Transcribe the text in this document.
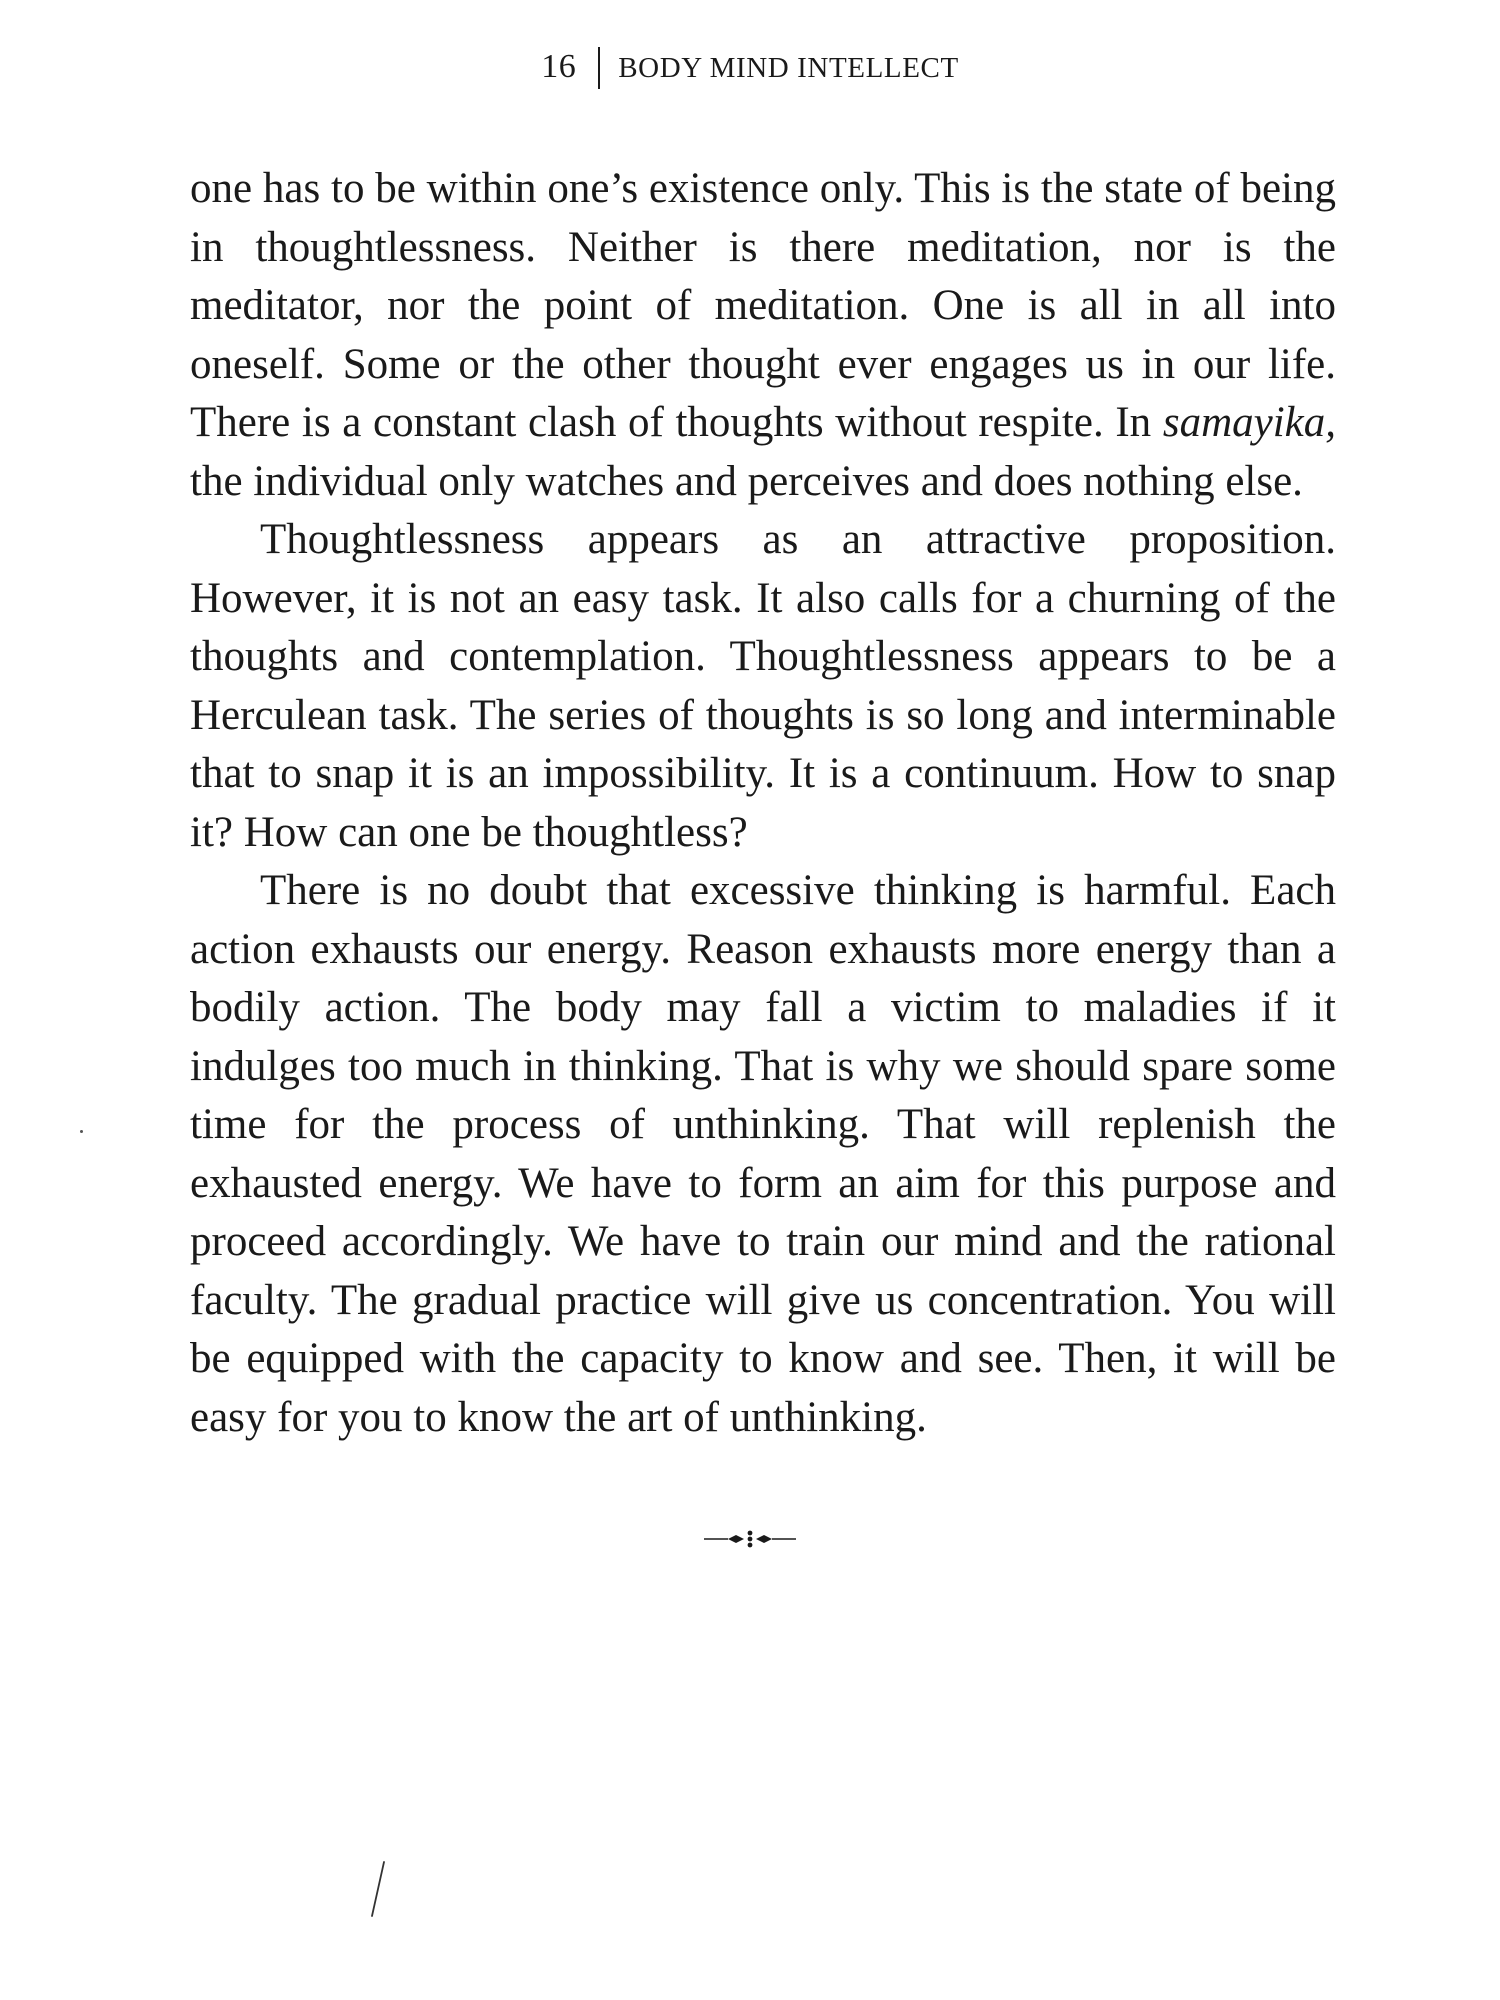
16 BODY MIND INTELLECT

one has to be within one’s existence only. This is the state of being in thoughtlessness. Neither is there meditation, nor is the meditator, nor the point of meditation. One is all in all into oneself. Some or the other thought ever engages us in our life. There is a constant clash of thoughts without respite. In samayika, the individual only watches and perceives and does nothing else.

Thoughtlessness appears as an attractive proposition. However, it is not an easy task. It also calls for a churning of the thoughts and contemplation. Thoughtlessness appears to be a Herculean task. The series of thoughts is so long and interminable that to snap it is an impossibility. It is a continuum. How to snap it? How can one be thoughtless?

There is no doubt that excessive thinking is harmful. Each action exhausts our energy. Reason exhausts more energy than a bodily action. The body may fall a victim to maladies if it indulges too much in thinking. That is why we should spare some time for the process of unthinking. That will replenish the exhausted energy. We have to form an aim for this purpose and proceed accordingly. We have to train our mind and the rational faculty. The gradual practice will give us concentration. You will be equipped with the capacity to know and see. Then, it will be easy for you to know the art of unthinking.
